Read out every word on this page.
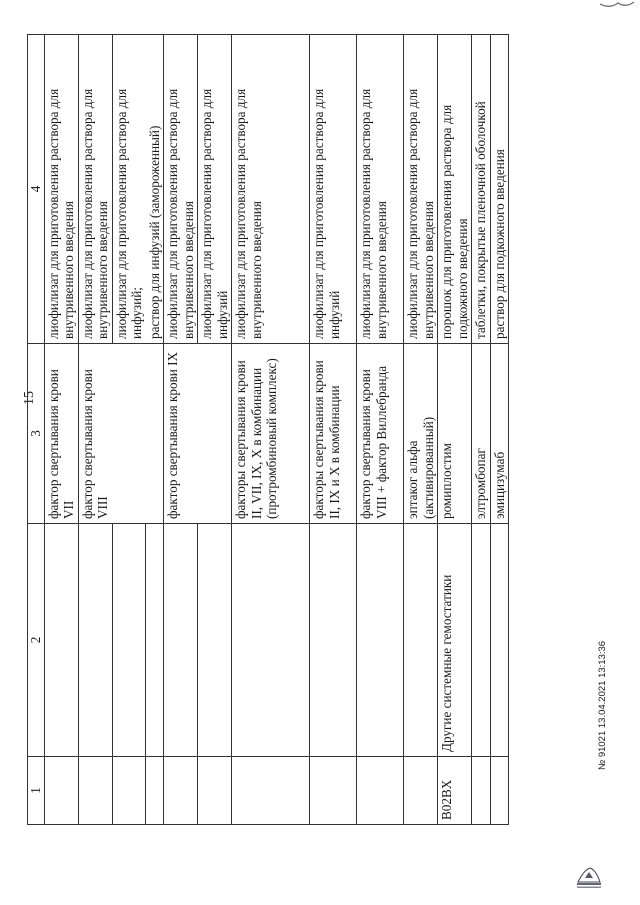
15
1	2	3	4
		фактор свертывания крови VII	лиофилизат для приготовления раствора для внутривенного введения
		фактор свертывания крови VIII	лиофилизат для приготовления раствора для внутривенного введения
			лиофилизат для приготовления раствора для инфузий;
			раствор для инфузий (замороженный)
		фактор свертывания крови IX	лиофилизат для приготовления раствора для внутривенного введения
			лиофилизат для приготовления раствора для инфузий
		факторы свертывания крови II, VII, IX, X в комбинации (протромбиновый комплекс)	лиофилизат для приготовления раствора для внутривенного введения
		факторы свертывания крови II, IX и X в комбинации	лиофилизат для приготовления раствора для инфузий
		фактор свертывания крови VIII + фактор Виллебранда	лиофилизат для приготовления раствора для внутривенного введения
		эптаког альфа (активированный)	лиофилизат для приготовления раствора для внутривенного введения
B02BX	Другие системные гемостатики	ромиплостим	порошок для приготовления раствора для подкожного введения
		элтромбопаг	таблетки, покрытые пленочной оболочкой
		эмицизумаб	раствор для подкожного введения
№ 91021 13.04.2021 13:13:36
